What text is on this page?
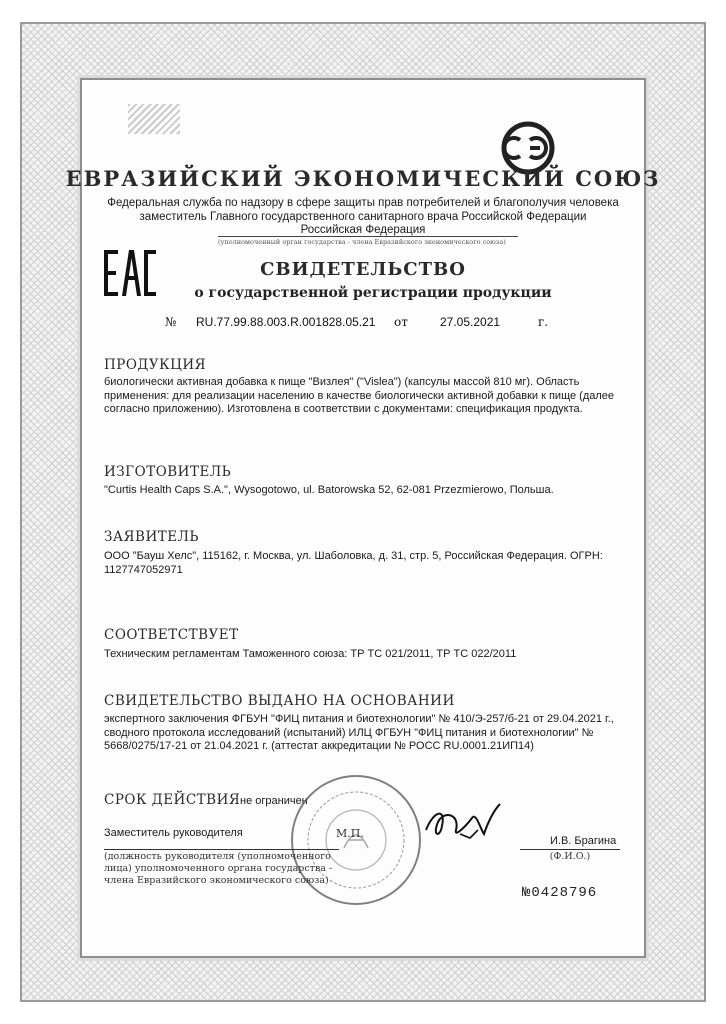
ЕВРАЗИЙСКИЙ ЭКОНОМИЧЕСКИЙ СОЮЗ
Федеральная служба по надзору в сфере защиты прав потребителей и благополучия человека
заместитель Главного государственного санитарного врача Российской Федерации
Российская Федерация
(уполномоченный орган государства - члена Евразийского экономического союза)
СВИДЕТЕЛЬСТВО
о государственной регистрации продукции
№ RU.77.99.88.003.R.001828.05.21 от	27.05.2021	г.
ПРОДУКЦИЯ
биологически активная добавка к пище "Визлея" ("Vislea") (капсулы массой 810 мг). Область применения: для реализации населению в качестве биологически активной добавки к пище (далее согласно приложению). Изготовлена в соответствии с документами: спецификация продукта.
ИЗГОТОВИТЕЛЬ
"Curtis Health Caps S.A.", Wysogotowo, ul. Batorowska 52, 62-081 Przezmierowo, Польша.
ЗАЯВИТЕЛЬ
ООО "Бауш Хелс", 115162, г. Москва, ул. Шаболовка, д. 31, стр. 5, Российская Федерация. ОГРН: 1127747052971
СООТВЕТСТВУЕТ
Техническим регламентам Таможенного союза: ТР ТС 021/2011, ТР ТС 022/2011
СВИДЕТЕЛЬСТВО ВЫДАНО НА ОСНОВАНИИ
экспертного заключения ФГБУН "ФИЦ питания и биотехнологии" № 410/Э-257/б-21 от 29.04.2021 г., сводного протокола исследований (испытаний) ИЛЦ ФГБУН "ФИЦ питания и биотехнологии" № 5668/0275/17-21 от 21.04.2021 г. (аттестат аккредитации № РОСС RU.0001.21ИП14)
СРОК ДЕЙСТВИЯ не ограничен
М.П.
Заместитель руководителя
И.В. Брагина
(должность руководителя (уполномоченного лица) уполномоченного органа государства - члена Евразийского экономического союза)
(Ф.И.О.)
№0428796
